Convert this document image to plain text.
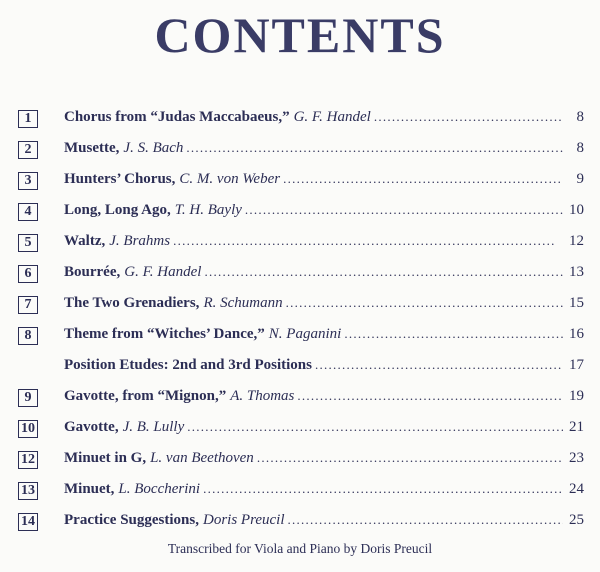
CONTENTS
1	Chorus from “Judas Maccabaeus,” G. F. Handel . . .	8
2	Musette, J. S. Bach . . .	8
3	Hunters’ Chorus, C. M. von Weber . . .	9
4	Long, Long Ago, T. H. Bayly . . .	10
5	Waltz, J. Brahms . . .	12
6	Bourrée, G. F. Handel . . .	13
7	The Two Grenadiers, R. Schumann . . .	15
8	Theme from “Witches’ Dance,” N. Paganini . . .	16
Position Etudes: 2nd and 3rd Positions . . .	17
9	Gavotte, from “Mignon,” A. Thomas . . .	19
10 Gavotte, J. B. Lully . . .	21
12 Minuet in G, L. van Beethoven . . .	23
13 Minuet, L. Boccherini . . .	24
14 Practice Suggestions, Doris Preucil . . .	25
Transcribed for Viola and Piano by Doris Preucil
